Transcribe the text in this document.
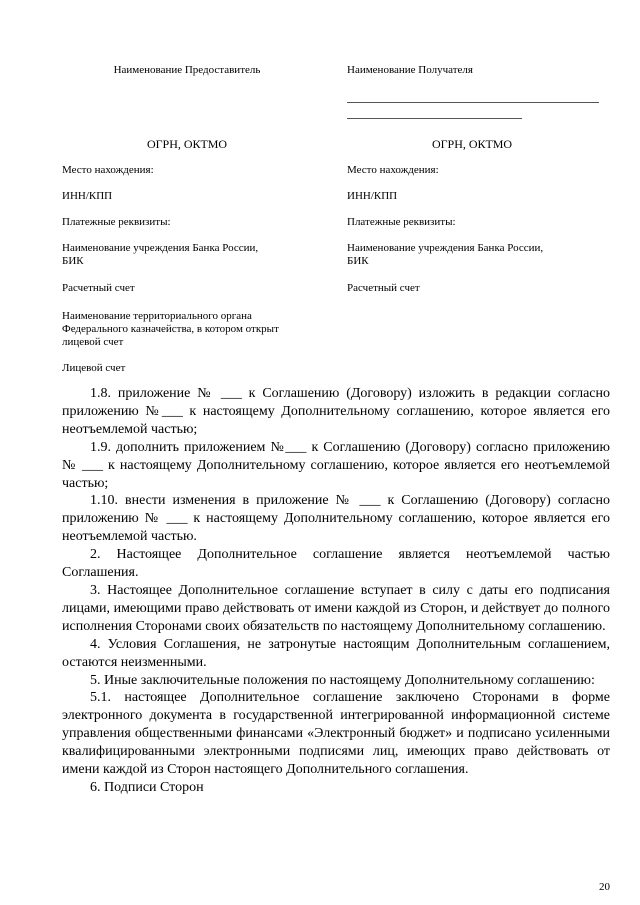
Наименование Предоставитель
ОГРН, ОКТМО
Место нахождения:
ИНН/КПП
Платежные реквизиты:
Наименование учреждения Банка России,
БИК
Расчетный счет
Наименование территориального органа
Федерального казначейства, в котором открыт
лицевой счет
Лицевой счет
Наименование Получателя
ОГРН, ОКТМО
Место нахождения:
ИНН/КПП
Платежные реквизиты:
Наименование учреждения Банка России,
БИК
Расчетный счет

1.8. приложение № ___ к Соглашению (Договору) изложить в редакции согласно приложению №___ к настоящему Дополнительному соглашению, которое является его неотъемлемой частью;

1.9. дополнить приложением №___ к Соглашению (Договору) согласно приложению № ___ к настоящему Дополнительному соглашению, которое является его неотъемлемой частью;

1.10. внести изменения в приложение № ___ к Соглашению (Договору) согласно приложению № ___ к настоящему Дополнительному соглашению, которое является его неотъемлемой частью.

2. Настоящее Дополнительное соглашение является неотъемлемой частью Соглашения.

3. Настоящее Дополнительное соглашение вступает в силу с даты его подписания лицами, имеющими право действовать от имени каждой из Сторон, и действует до полного исполнения Сторонами своих обязательств по настоящему Дополнительному соглашению.

4. Условия Соглашения, не затронутые настоящим Дополнительным соглашением, остаются неизменными.

5. Иные заключительные положения по настоящему Дополнительному соглашению:

5.1. настоящее Дополнительное соглашение заключено Сторонами в форме электронного документа в государственной интегрированной информационной системе управления общественными финансами «Электронный бюджет» и подписано усиленными квалифицированными электронными подписями лиц, имеющих право действовать от имени каждой из Сторон настоящего Дополнительного соглашения.

6. Подписи Сторон

20
